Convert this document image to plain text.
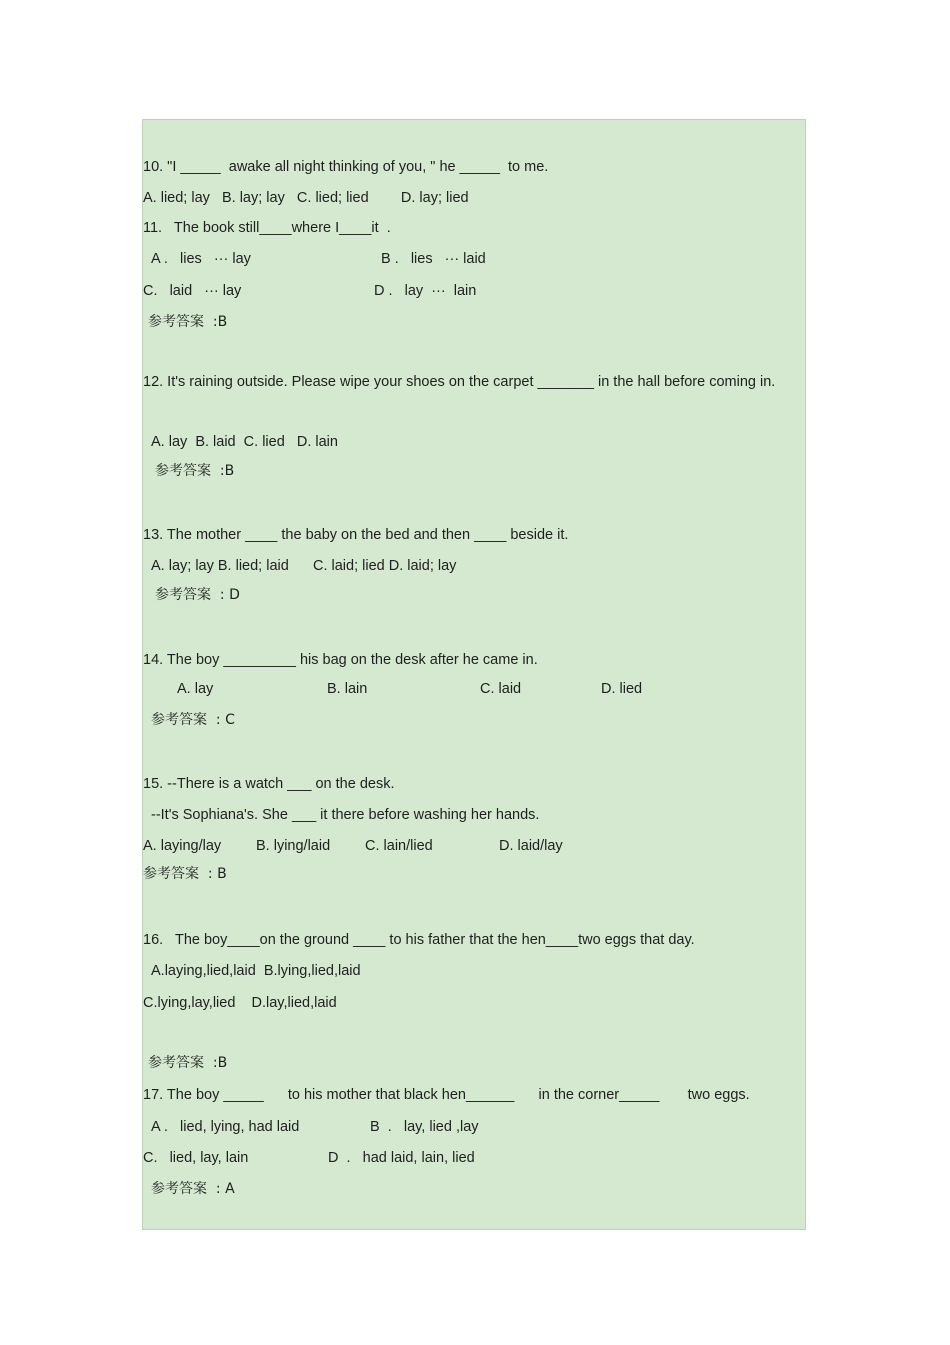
10. "I _____  awake all night thinking of you, " he _____  to me.
A. lied; lay   B. lay; lay   C. lied; lied        D. lay; lied
11.   The book still____where I____it  .
A .   lies   ··· lay	B .   lies   ··· laid
C.   laid   ··· lay	D .   lay  ···  lain
参考答案  :B
12. It's raining outside. Please wipe your shoes on the carpet _______ in the hall before coming in.
A. lay  B. laid  C. lied   D. lain
参考答案  :B
13. The mother ____ the baby on the bed and then ____ beside it.
A. lay; lay B. lied; laid      C. laid; lied D. laid; lay
参考答案  : D
14. The boy _________ his bag on the desk after he came in.
A. lay	B. lain	C. laid	D. lied
参考答案  : C
15. --There is a watch ___ on the desk.
--It's Sophiana's. She ___ it there before washing her hands.
A. laying/lay B. lying/laid C. lain/lied	D. laid/lay
参考答案  : B
16.   The boy____on the ground ____ to his father that the hen____two eggs that day.
A.laying,lied,laid  B.lying,lied,laid
C.lying,lay,lied    D.lay,lied,laid
参考答案  :B
17. The boy _____      to his mother that black hen______      in the corner_____       two eggs.
A .   lied, lying, had laid	B  .   lay, lied ,lay
C.   lied, lay, lain	D  .   had laid, lain, lied
参考答案  : A
